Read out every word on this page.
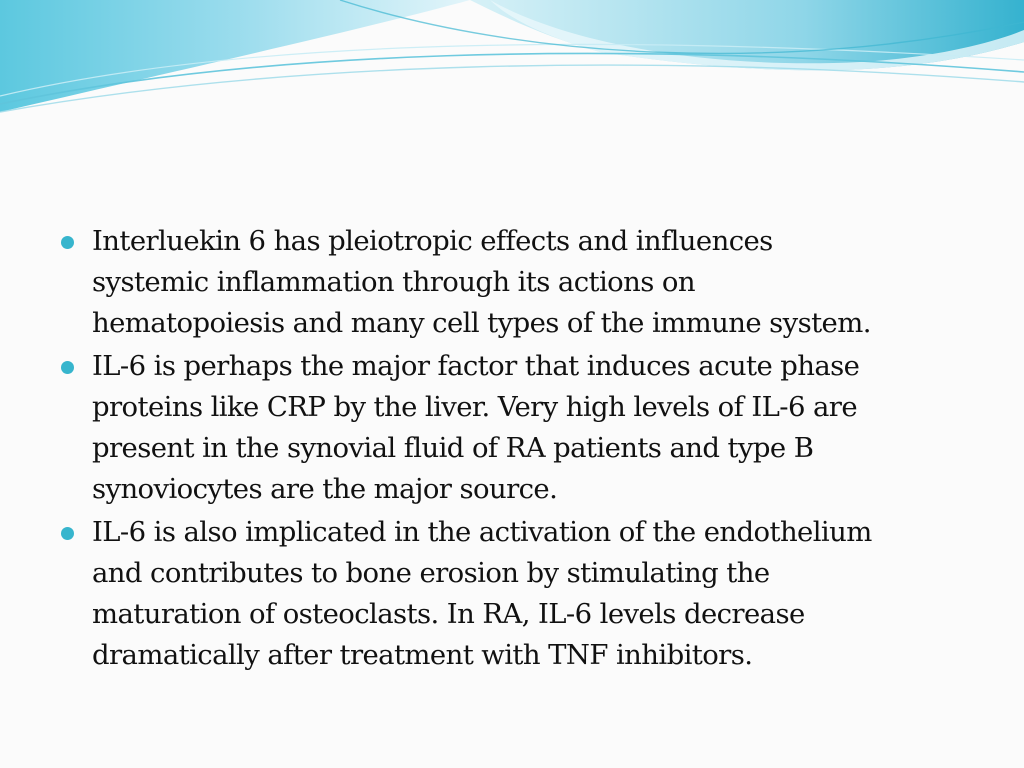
Interluekin 6 has pleiotropic effects and influences
systemic inflammation through its actions on
hematopoiesis and many cell types of the immune system.
IL-6 is perhaps the major factor that induces acute phase
proteins like CRP by the liver. Very high levels of IL-6 are
present in the synovial fluid of RA patients and type B
synoviocytes are the major source.
IL-6 is also implicated in the activation of the endothelium
and contributes to bone erosion by stimulating the
maturation of osteoclasts. In RA, IL-6 levels decrease
dramatically after treatment with TNF inhibitors.
